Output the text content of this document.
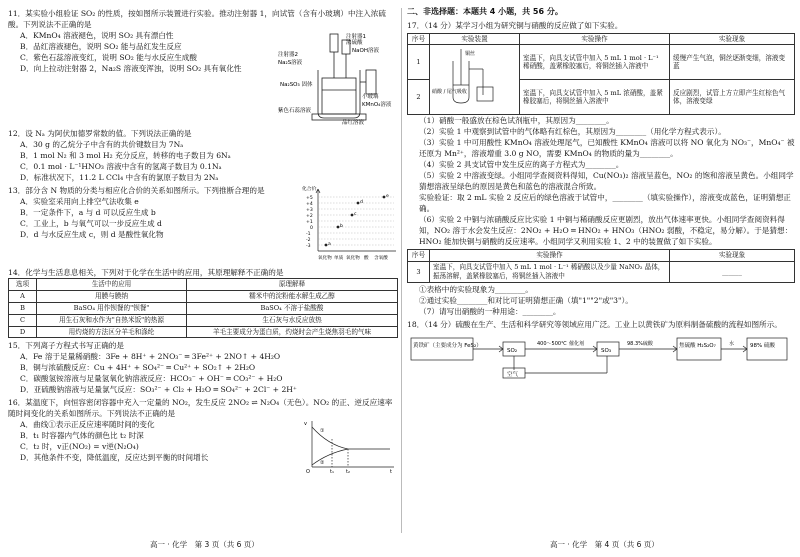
11．某实验小组验证 SO₂ 的性质，按如图所示装置进行实验。推动注射器 1，向试管（含有小玻璃）中注入浓硫酸。下列说法不正确的是
A．KMnO₄ 溶液褪色，说明 SO₂ 具有漂白性
B．品红溶液褪色，说明 SO₂ 能与品红发生反应
C．紫色石蕊溶液变红，说明 SO₂ 能与水反应生成酸
D．向上拉动注射器 2，Na₂S 溶液变浑浊，说明 SO₂ 具有氧化性
注射器1
浓硫酸
注射器2
NaOH溶液
Na₂S溶液
小玻璃
Na₂SO₃ 固体
KMnO₄溶液
紫色石蕊溶液
品红溶液
12．设 Nₐ 为阿伏加德罗常数的值。下列说法正确的是
A．30 g 的乙烷分子中含有的共价键数目为 7Nₐ
B．1 mol N₂ 和 3 mol H₂ 充分反应，转移的电子数目为 6Nₐ
C．0.1 mol · L⁻¹HNO₃ 溶液中含有的氢离子数目为 0.1Nₐ
D．标准状况下，11.2 L CCl₄ 中含有的氯原子数目为 2Nₐ
13．部分含 N 物质的分类与相应化合价的关系如图所示。下列推断合理的是
A．实验室采用向上排空气法收集 e
B．一定条件下，a 与 d 可以反应生成 b
C．工业上，b 与氧气可以一步反应生成 d
D．d 与水反应生成 c，则 d 是酸性氧化物
化合价
+5
+4
+3
+2
+1
0
-1
-2
-3
氧化物 单质 氧化物 酸 含氧酸
a
b
c
d
e
14．化学与生活息息相关，下列对于化学在生活中的应用，其原理解释不正确的是
选项	生活中的应用	原理解释
A	用膜与膜纳	糯米中的淀粉能水解生成乙醇
B	BaSO₄ 用作钡餐的"钡餐"	BaSO₄ 不溶于盐酸酸
C	用生石灰和水作为"自热米饭"的热源	生石灰与水反应放热
D	用灼烧的方法区分羊毛和涤纶	羊毛主要成分为蛋白质，灼烧时会产生烧焦羽毛的气味
15．下列离子方程式书写正确的是
A．Fe 溶于足量稀硝酸：3Fe + 8H⁺ + 2NO₃⁻ ═ 3Fe²⁺ + 2NO↑ + 4H₂O
B．铜与浓硫酸反应：Cu + 4H⁺ + SO₄²⁻ ═ Cu²⁺ + SO₂↑ + 2H₂O
C．碳酸氢铵溶液与足量氢氧化钠溶液反应：HCO₃⁻ + OH⁻ ═ CO₃²⁻ + H₂O
D．亚硫酸钠溶液与足量氯气反应：SO₃²⁻ + Cl₂ + H₂O ═ SO₄²⁻ + 2Cl⁻ + 2H⁺
16．某温度下，向恒容密闭容器中充入一定量的 NO₂，发生反应 2NO₂ ⇌ N₂O₄（无色）。NO₂ 的正、逆反应速率随时间变化的关系如图所示。下列说法不正确的是
A．曲线①表示正反应速率随时间的变化
B．t₁ 时容器内气体的颜色比 t₂ 时深
C．t₂ 时，v正(NO₂) = v逆(N₂O₄)
D．其他条件不变，降低温度，反应达到平衡的时间增长
v
①
②
O	t₁ t₂	t
高一 · 化学　第 3 页（共 6 页）
二、非选择题：本题共 4 小题，共 56 分。
17．（14 分）某学习小组为研究铜与硝酸的反应做了如下实验。
序号	实验装置	实验操作	实验现象
1	铜丝
硝酸 / 尾气吸收	室温下，向具支试管中加入 5 mL 1 mol · L⁻¹ 稀硝酸，盖紧橡胶塞后，将铜丝插入溶液中	缓慢产生气泡，铜丝逐渐变细，溶液变蓝
2		室温下，向具支试管中加入 5 mL 浓硝酸，盖紧橡胶塞后，将铜丝插入溶液中	反应剧烈，试管上方立即产生红棕色气体，溶液变绿
（1）硝酸一般盛放在棕色试剂瓶中，其原因为________。
（2）实验 1 中观察到试管中的气体略有红棕色，其原因为________（用化学方程式表示）。
（3）实验 1 中可用酸性 KMnO₄ 溶液处理尾气，已知酸性 KMnO₄ 溶液可以将 NO 氧化为 NO₃⁻，MnO₄⁻ 被还原为 Mn²⁺，溶液增重 3.0 g NO，需要 KMnO₄ 的物质的量为________。
（4）实验 2 具支试管中发生反应的离子方程式为________。
（5）实验 2 中溶液变绿。小组同学查阅资料得知，Cu(NO₃)₂ 溶液呈蓝色，NO₂ 的饱和溶液呈黄色。小组同学猜想溶液呈绿色的原因是黄色和蓝色的溶液混合所致。
实验验证：取 2 mL 实验 2 反应后的绿色溶液于试管中，________（填实验操作），溶液变成蓝色，证明猜想正确。
（6）实验 2 中铜与浓硝酸反应比实验 1 中铜与稀硝酸反应更剧烈，放出气体速率更快。小组同学查阅资料得知，NO₂ 溶于水会发生反应：2NO₂ + H₂O ═ HNO₂ + HNO₃（HNO₂ 弱酸，不稳定，易分解）。于是猜想：HNO₂ 能加快铜与硝酸的反应速率。小组同学又利用实验 1、2 中的装置做了如下实验。
序号	实验操作	实验现象
3	室温下，向具支试管中加入 5 mL 1 mol · L⁻¹ 稀硝酸以及少量 NaNO₂ 晶体，振荡溶解，盖紧橡胶塞后，将铜丝插入溶液中	______
①表格中的实验现象为________。
②通过实验________和对比可证明猜想正确（填"1""2"或"3"）。
（7）请写出硝酸的一种用途：________。
18．（14 分）硫酸在生产、生活和科学研究等领域应用广泛。工业上以黄铁矿为原料制备硫酸的流程如图所示。
黄铁矿（主要成分为 FeS₂）
SO₂
400～500℃ 催化剂
SO₃
98.3%硫酸	焦硫酸 H₂S₂O₇	水	98% 硫酸
空气
高一 · 化学　第 4 页（共 6 页）
